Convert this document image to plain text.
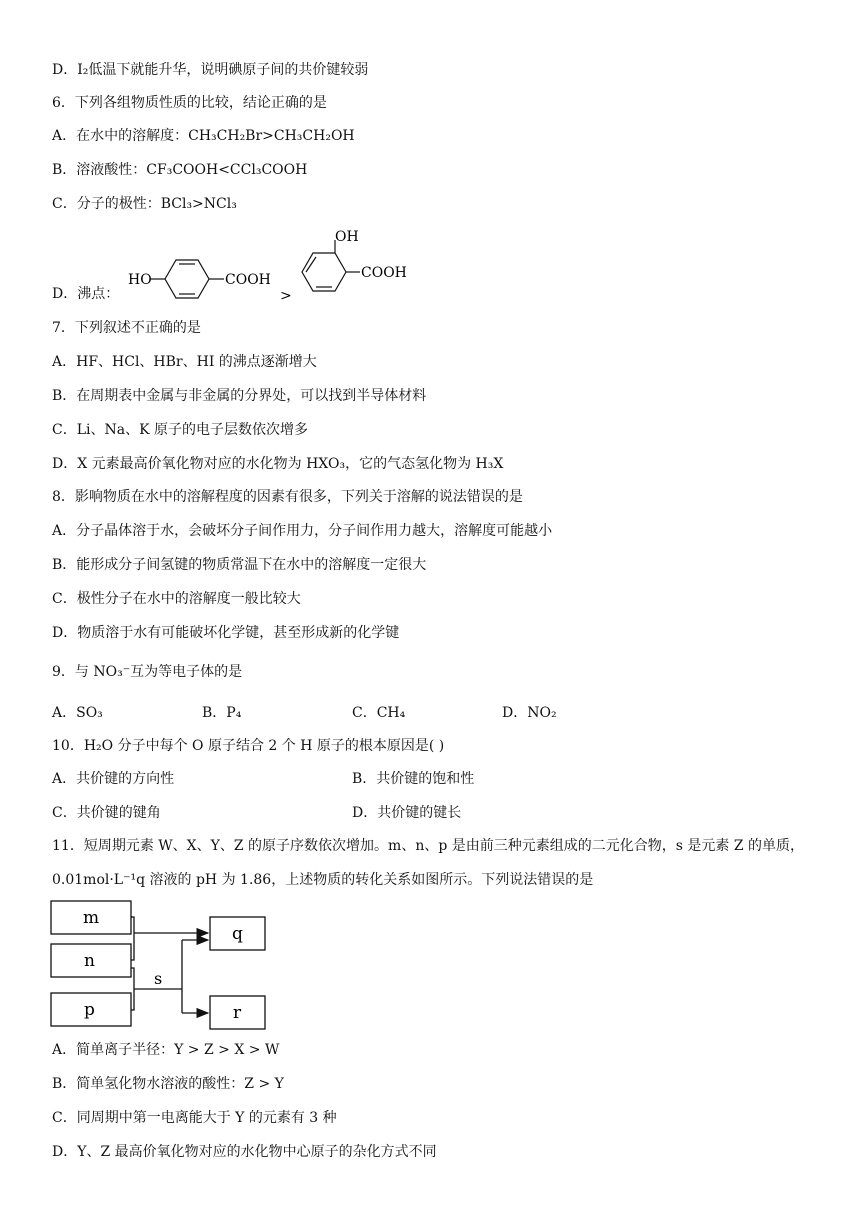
D．I₂低温下就能升华，说明碘原子间的共价键较弱
6．下列各组物质性质的比较，结论正确的是
A．在水中的溶解度：CH₃CH₂Br>CH₃CH₂OH
B．溶液酸性：CF₃COOH<CCl₃COOH
C．分子的极性：BCl₃>NCl₃
D．沸点：
HO	COOH
>
OH
COOH
7．下列叙述不正确的是
A．HF、HCl、HBr、HI 的沸点逐渐增大
B．在周期表中金属与非金属的分界处，可以找到半导体材料
C．Li、Na、K 原子的电子层数依次增多
D．X 元素最高价氧化物对应的水化物为 HXO₃，它的气态氢化物为 H₃X
8．影响物质在水中的溶解程度的因素有很多，下列关于溶解的说法错误的是
A．分子晶体溶于水，会破坏分子间作用力，分子间作用力越大，溶解度可能越小
B．能形成分子间氢键的物质常温下在水中的溶解度一定很大
C．极性分子在水中的溶解度一般比较大
D．物质溶于水有可能破坏化学键，甚至形成新的化学键
9．与 NO₃⁻互为等电子体的是
A．SO₃	B．P₄	C．CH₄	D．NO₂
10．H₂O 分子中每个 O 原子结合 2 个 H 原子的根本原因是( )
A．共价键的方向性	B．共价键的饱和性
C．共价键的键角	D．共价键的键长
11．短周期元素 W、X、Y、Z 的原子序数依次增加。m、n、p 是由前三种元素组成的二元化合物，s 是元素 Z 的单质，0.01mol·L⁻¹q 溶液的 pH 为 1.86，上述物质的转化关系如图所示。下列说法错误的是
m
n
p
q
r
s
A．简单离子半径：Y > Z > X > W
B．简单氢化物水溶液的酸性：Z > Y
C．同周期中第一电离能大于 Y 的元素有 3 种
D．Y、Z 最高价氧化物对应的水化物中心原子的杂化方式不同
